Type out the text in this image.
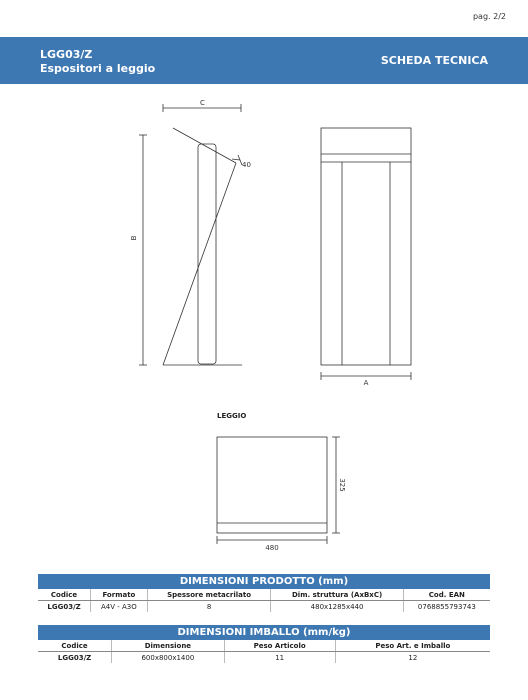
pag. 2/2
LGG03/Z
Espositori a leggio
SCHEDA TECNICA
C
B
40
A
480
325
LEGGIO
DIMENSIONI PRODOTTO (mm)				
Codice	Formato	Spessore metacrilato	Dim. struttura (AxBxC)	Cod. EAN
LGG03/Z	A4V - A3O	8	480x1285x440	0768855793743
DIMENSIONI IMBALLO (mm/kg)			
Codice	Dimensione	Peso Articolo	Peso Art. e Imballo
LGG03/Z	600x800x1400	11	12
